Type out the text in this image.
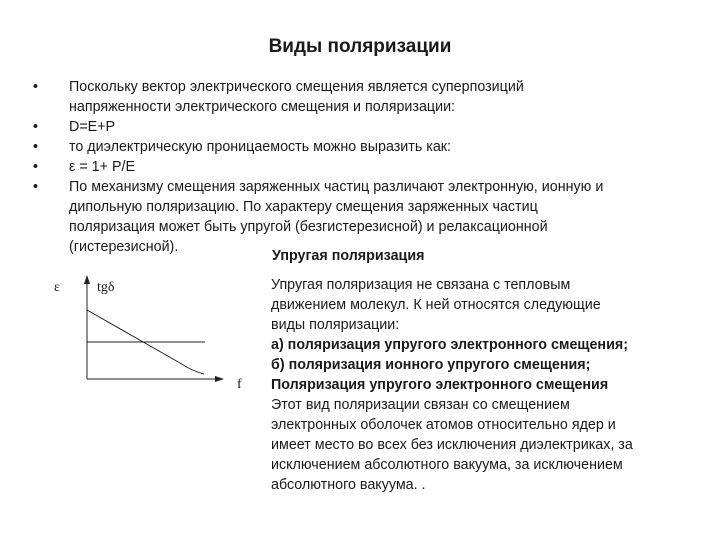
Виды поляризации
• Поскольку вектор электрического смещения является суперпозиций
напряженности электрического смещения и поляризации:
• D=E+P
• то диэлектрическую проницаемость можно выразить как:
• ε = 1+ P/E
• По механизму смещения заряженных частиц различают электронную, ионную и
дипольную поляризацию. По характеру смещения заряженных частиц
поляризация может быть упругой (безгистерезисной) и релаксационной
(гистерезисной).
Упругая поляризация
ε	tgδ
f
Упругая поляризация не связана с тепловым
движением молекул. К ней относятся следующие
виды поляризации:
а) поляризация упругого электронного смещения;
б) поляризация ионного упругого смещения;
Поляризация упругого электронного смещения
Этот вид поляризации связан со смещением
электронных оболочек атомов относительно ядер и
имеет место во всех без исключения диэлектриках, за
исключением абсолютного вакуума, за исключением
абсолютного вакуума. .
